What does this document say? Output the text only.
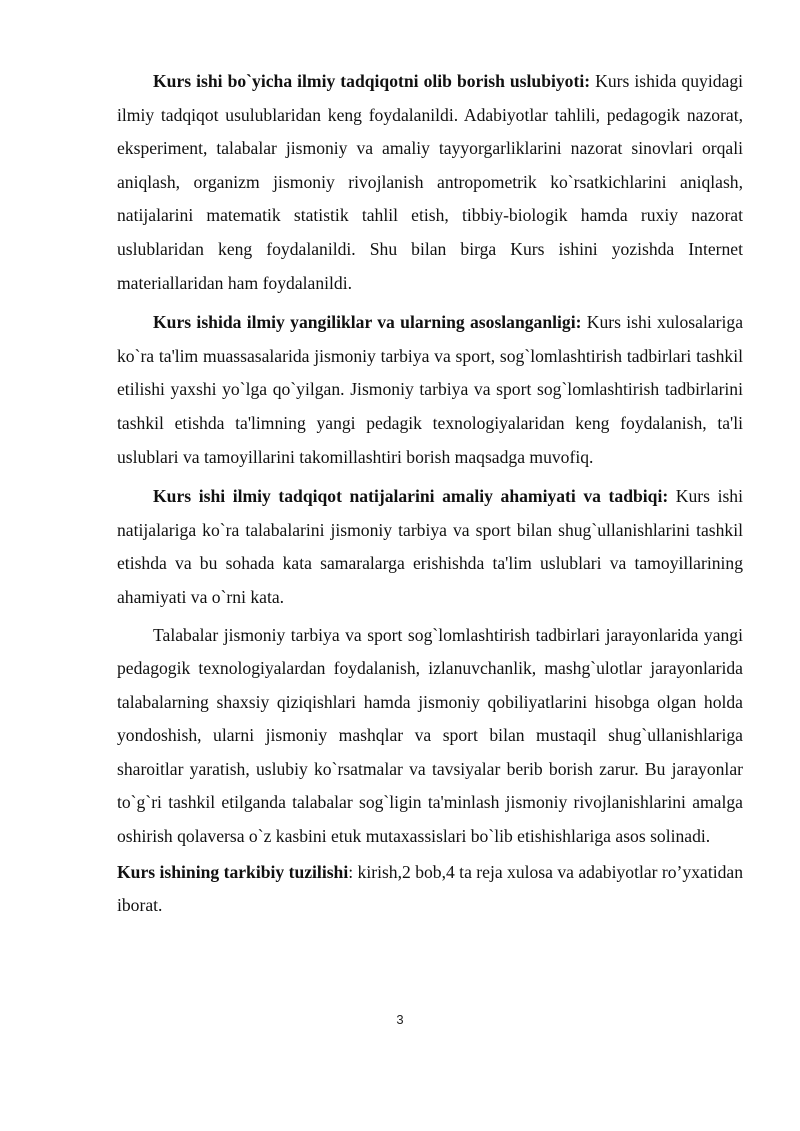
Kurs ishi bo`yicha ilmiy tadqiqotni olib borish uslubiyoti: Kurs ishida quyidagi ilmiy tadqiqot usulublaridan keng foydalanildi. Adabiyotlar tahlili, pedagogik nazorat, eksperiment, talabalar jismoniy va amaliy tayyorgarliklarini nazorat sinovlari orqali aniqlash, organizm jismoniy rivojlanish antropometrik ko`rsatkichlarini aniqlash, natijalarini matematik statistik tahlil etish, tibbiy-biologik hamda ruxiy nazorat uslublaridan keng foydalanildi. Shu bilan birga Kurs ishini yozishda Internet materiallaridan ham foydalanildi.

Kurs ishida ilmiy yangiliklar va ularning asoslanganligi: Kurs ishi xulosalariga ko`ra ta'lim muassasalarida jismoniy tarbiya va sport, sog`lomlashtirish tadbirlari tashkil etilishi yaxshi yo`lga qo`yilgan. Jismoniy tarbiya va sport sog`lomlashtirish tadbirlarini tashkil etishda ta'limning yangi pedagik texnologiyalaridan keng foydalanish, ta'li uslublari va tamoyillarini takomillashtiri borish maqsadga muvofiq.

Kurs ishi ilmiy tadqiqot natijalarini amaliy ahamiyati va tadbiqi: Kurs ishi natijalariga ko`ra talabalarini jismoniy tarbiya va sport bilan shug`ullanishlarini tashkil etishda va bu sohada kata samaralarga erishishda ta'lim uslublari va tamoyillarining ahamiyati va o`rni kata.

Talabalar jismoniy tarbiya va sport sog`lomlashtirish tadbirlari jarayonlarida yangi pedagogik texnologiyalardan foydalanish, izlanuvchanlik, mashg`ulotlar jarayonlarida talabalarning shaxsiy qiziqishlari hamda jismoniy qobiliyatlarini hisobga olgan holda yondoshish, ularni jismoniy mashqlar va sport bilan mustaqil shug`ullanishlariga sharoitlar yaratish, uslubiy ko`rsatmalar va tavsiyalar berib borish zarur. Bu jarayonlar to`g`ri tashkil etilganda talabalar sog`ligin ta'minlash jismoniy rivojlanishlarini amalga oshirish qolaversa o`z kasbini etuk mutaxassislari bo`lib etishishlariga asos solinadi.

Kurs ishining tarkibiy tuzilishi: kirish,2 bob,4 ta reja xulosa va adabiyotlar ro’yxatidan iborat.

3
